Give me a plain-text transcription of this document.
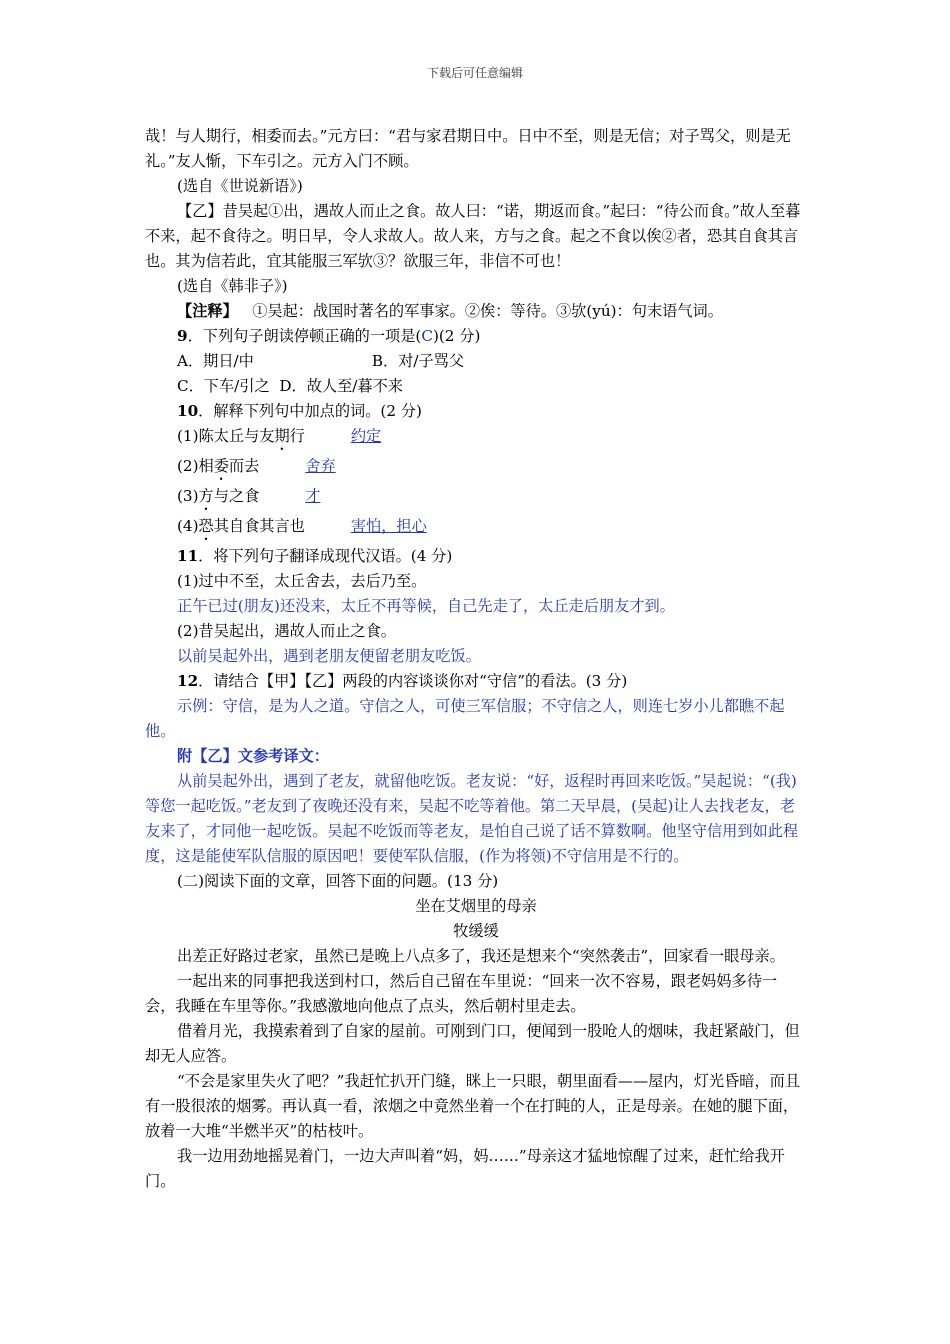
下载后可任意编辑

哉！与人期行，相委而去。”元方曰：“君与家君期日中。日中不至，则是无信；对子骂父，则是无礼。”友人惭，下车引之。元方入门不顾。

(选自《世说新语》)

【乙】昔吴起①出，遇故人而止之食。故人曰：“诺，期返而食。”起曰：“待公而食。”故人至暮不来，起不食待之。明日早，令人求故人。故人来，方与之食。起之不食以俟②者，恐其自食其言也。其为信若此，宜其能服三军欤③？欲服三年，非信不可也！

(选自《韩非子》)

【注释】 ①吴起：战国时著名的军事家。②俟：等待。③欤(yú)：句末语气词。

9．下列句子朗读停顿正确的一项是(C)(2 分)

A．期日/中	B．对/子骂父

C．下车/引之 D．故人至/暮不来

10．解释下列句中加点的词。(2 分)

(1)陈太丘与友期行	约定

(2)相委而去	舍弃

(3)方与之食	才

(4)恐其自食其言也	害怕，担心

11．将下列句子翻译成现代汉语。(4 分)

(1)过中不至，太丘舍去，去后乃至。

正午已过(朋友)还没来，太丘不再等候，自己先走了，太丘走后朋友才到。

(2)昔吴起出，遇故人而止之食。

以前吴起外出，遇到老朋友便留老朋友吃饭。

12．请结合【甲】【乙】两段的内容谈谈你对“守信”的看法。(3 分)

示例：守信，是为人之道。守信之人，可使三军信服；不守信之人，则连七岁小儿都瞧不起他。

附【乙】文参考译文：

从前吴起外出，遇到了老友，就留他吃饭。老友说：“好，返程时再回来吃饭。”吴起说：“(我)等您一起吃饭。”老友到了夜晚还没有来，吴起不吃等着他。第二天早晨，(吴起)让人去找老友，老友来了，才同他一起吃饭。吴起不吃饭而等老友，是怕自己说了话不算数啊。他坚守信用到如此程度，这是能使军队信服的原因吧！要使军队信服，(作为将领)不守信用是不行的。

(二)阅读下面的文章，回答下面的问题。(13 分)

坐在艾烟里的母亲

牧缓缓

出差正好路过老家，虽然已是晚上八点多了，我还是想来个“突然袭击”，回家看一眼母亲。

一起出来的同事把我送到村口，然后自己留在车里说：“回来一次不容易，跟老妈妈多待一会，我睡在车里等你。”我感激地向他点了点头，然后朝村里走去。

借着月光，我摸索着到了自家的屋前。可刚到门口，便闻到一股呛人的烟味，我赶紧敲门，但却无人应答。

“不会是家里失火了吧？”我赶忙扒开门缝，眯上一只眼，朝里面看——屋内，灯光昏暗，而且有一股很浓的烟雾。再认真一看，浓烟之中竟然坐着一个在打盹的人，正是母亲。在她的腿下面，放着一大堆“半燃半灭”的枯枝叶。

我一边用劲地摇晃着门，一边大声叫着“妈，妈……”母亲这才猛地惊醒了过来，赶忙给我开门。
